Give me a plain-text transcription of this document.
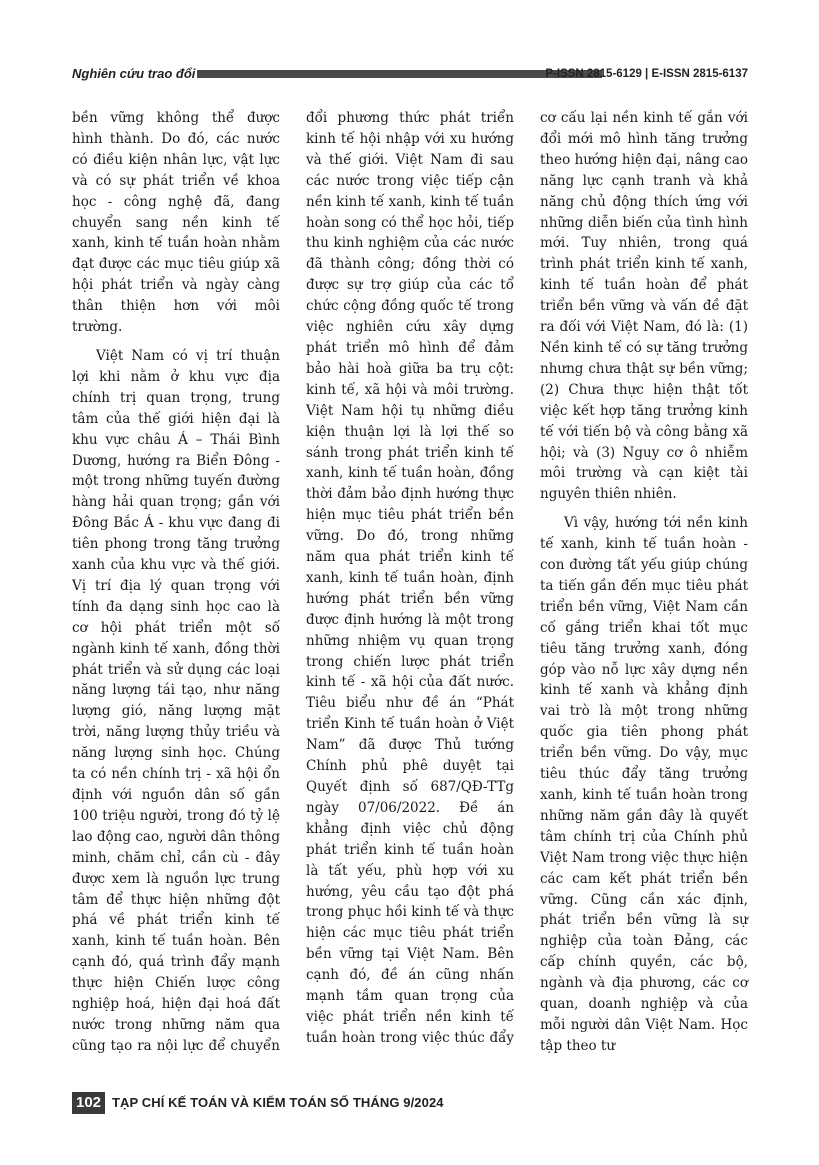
Nghiên cứu trao đổi	P-ISSN 2815-6129 | E-ISSN 2815-6137

bền vững không thể được hình thành. Do đó, các nước có điều kiện nhân lực, vật lực và có sự phát triển về khoa học - công nghệ đã, đang chuyển sang nền kinh tế xanh, kinh tế tuần hoàn nhằm đạt được các mục tiêu giúp xã hội phát triển và ngày càng thân thiện hơn với môi trường.

Việt Nam có vị trí thuận lợi khi nằm ở khu vực địa chính trị quan trọng, trung tâm của thế giới hiện đại là khu vực châu Á – Thái Bình Dương, hướng ra Biển Đông - một trong những tuyến đường hàng hải quan trọng; gần với Đông Bắc Á - khu vực đang đi tiên phong trong tăng trưởng xanh của khu vực và thế giới. Vị trí địa lý quan trọng với tính đa dạng sinh học cao là cơ hội phát triển một số ngành kinh tế xanh, đồng thời phát triển và sử dụng các loại năng lượng tái tạo, như năng lượng gió, năng lượng mặt trời, năng lượng thủy triều và năng lượng sinh học. Chúng ta có nền chính trị - xã hội ổn định với nguồn dân số gần 100 triệu người, trong đó tỷ lệ lao động cao, người dân thông minh, chăm chỉ, cần cù - đây được xem là nguồn lực trung tâm để thực hiện những đột phá về phát triển kinh tế xanh, kinh tế tuần hoàn. Bên cạnh đó, quá trình đẩy mạnh thực hiện Chiến lược công nghiệp hoá, hiện đại hoá đất nước trong những năm qua cũng tạo ra nội lực để chuyển đổi phương thức phát triển kinh tế hội nhập với xu hướng và thế giới. Việt Nam đi sau các nước trong việc tiếp cận nền kinh tế xanh, kinh tế tuần hoàn song có thể học hỏi, tiếp thu kinh nghiệm của các nước đã thành công; đồng thời có được sự trợ giúp của các tổ chức cộng đồng quốc tế trong việc nghiên cứu xây dựng phát triển mô hình để đảm bảo hài hoà giữa ba trụ cột: kinh tế, xã hội và môi trường. Việt Nam hội tụ những điều kiện thuận lợi là lợi thế so sánh trong phát triển kinh tế xanh, kinh tế tuần hoàn, đồng thời đảm bảo định hướng thực hiện mục tiêu phát triển bền vững. Do đó, trong những năm qua phát triển kinh tế xanh, kinh tế tuần hoàn, định hướng phát triển bền vững được định hướng là một trong những nhiệm vụ quan trọng trong chiến lược phát triển kinh tế - xã hội của đất nước. Tiêu biểu như đề án “Phát triển Kinh tế tuần hoàn ở Việt Nam” đã được Thủ tướng Chính phủ phê duyệt tại Quyết định số 687/QĐ-TTg ngày 07/06/2022. Đề án khẳng định việc chủ động phát triển kinh tế tuần hoàn là tất yếu, phù hợp với xu hướng, yêu cầu tạo đột phá trong phục hồi kinh tế và thực hiện các mục tiêu phát triển bền vững tại Việt Nam. Bên cạnh đó, đề án cũng nhấn mạnh tầm quan trọng của việc phát triển nền kinh tế tuần hoàn trong việc thúc đẩy cơ cấu lại nền kinh tế gắn với đổi mới mô hình tăng trưởng theo hướng hiện đại, nâng cao năng lực cạnh tranh và khả năng chủ động thích ứng với những diễn biến của tình hình mới. Tuy nhiên, trong quá trình phát triển kinh tế xanh, kinh tế tuần hoàn để phát triển bền vững và vấn đề đặt ra đối với Việt Nam, đó là: (1) Nền kinh tế có sự tăng trưởng nhưng chưa thật sự bền vững; (2) Chưa thực hiện thật tốt việc kết hợp tăng trưởng kinh tế với tiến bộ và công bằng xã hội; và (3) Nguy cơ ô nhiễm môi trường và cạn kiệt tài nguyên thiên nhiên.

Vì vậy, hướng tới nền kinh tế xanh, kinh tế tuần hoàn - con đường tất yếu giúp chúng ta tiến gần đến mục tiêu phát triển bền vững, Việt Nam cần cố gắng triển khai tốt mục tiêu tăng trưởng xanh, đóng góp vào nỗ lực xây dựng nền kinh tế xanh và khẳng định vai trò là một trong những quốc gia tiên phong phát triển bền vững. Do vậy, mục tiêu thúc đẩy tăng trưởng xanh, kinh tế tuần hoàn trong những năm gần đây là quyết tâm chính trị của Chính phủ Việt Nam trong việc thực hiện các cam kết phát triển bền vững. Cũng cần xác định, phát triển bền vững là sự nghiệp của toàn Đảng, các cấp chính quyền, các bộ, ngành và địa phương, các cơ quan, doanh nghiệp và của mỗi người dân Việt Nam. Học tập theo tư

102 TẠP CHÍ KẾ TOÁN VÀ KIỂM TOÁN SỐ THÁNG 9/2024
